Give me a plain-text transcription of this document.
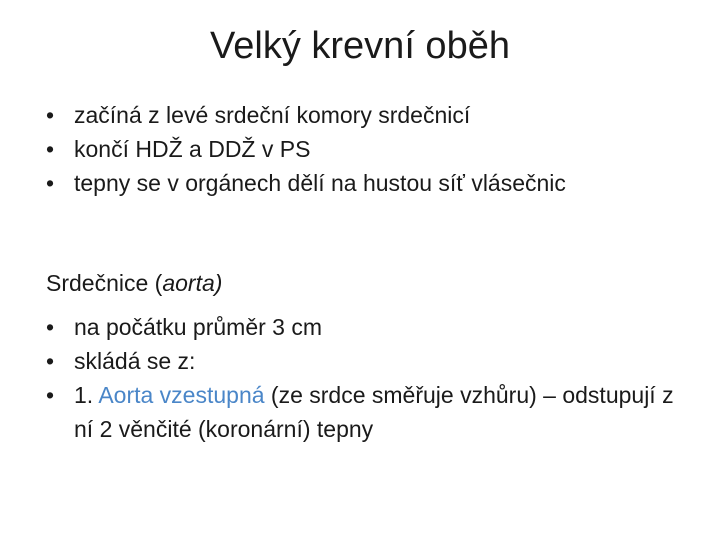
Velký krevní oběh
• začíná z levé srdeční komory srdečnicí
• končí HDŽ a DDŽ v PS
• tepny se v orgánech dělí na hustou síť vlásečnic

Srdečnice (aorta)

• na počátku průměr 3 cm
• skládá se z:
• 1. Aorta vzestupná (ze srdce směřuje vzhůru) – odstupují z ní 2 věnčité (koronární) tepny
